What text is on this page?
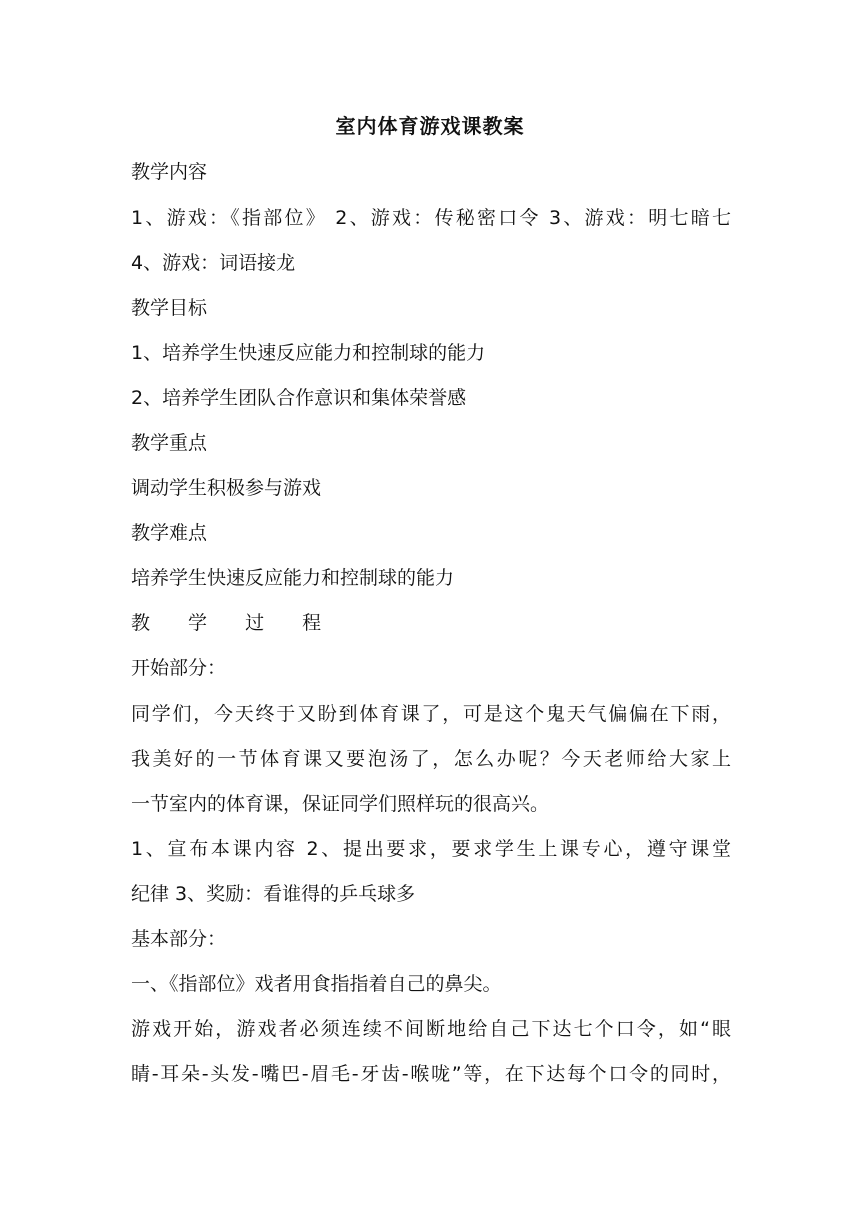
室内体育游戏课教案
教学内容
1、游戏：《指部位》 2、游戏：传秘密口令 3、游戏：明七暗七
4、游戏：词语接龙
教学目标
1、培养学生快速反应能力和控制球的能力
2、培养学生团队合作意识和集体荣誉感
教学重点
调动学生积极参与游戏
教学难点
培养学生快速反应能力和控制球的能力
教 学 过 程
开始部分：
同学们，今天终于又盼到体育课了，可是这个鬼天气偏偏在下雨，
我美好的一节体育课又要泡汤了，怎么办呢？今天老师给大家上
一节室内的体育课，保证同学们照样玩的很高兴。
1、宣布本课内容 2、提出要求，要求学生上课专心，遵守课堂
纪律 3、奖励：看谁得的乒乓球多
基本部分：
一、《指部位》戏者用食指指着自己的鼻尖。
游戏开始，游戏者必须连续不间断地给自己下达七个口令，如“眼
睛-耳朵-头发-嘴巴-眉毛-牙齿-喉咙”等，在下达每个口令的同时，
